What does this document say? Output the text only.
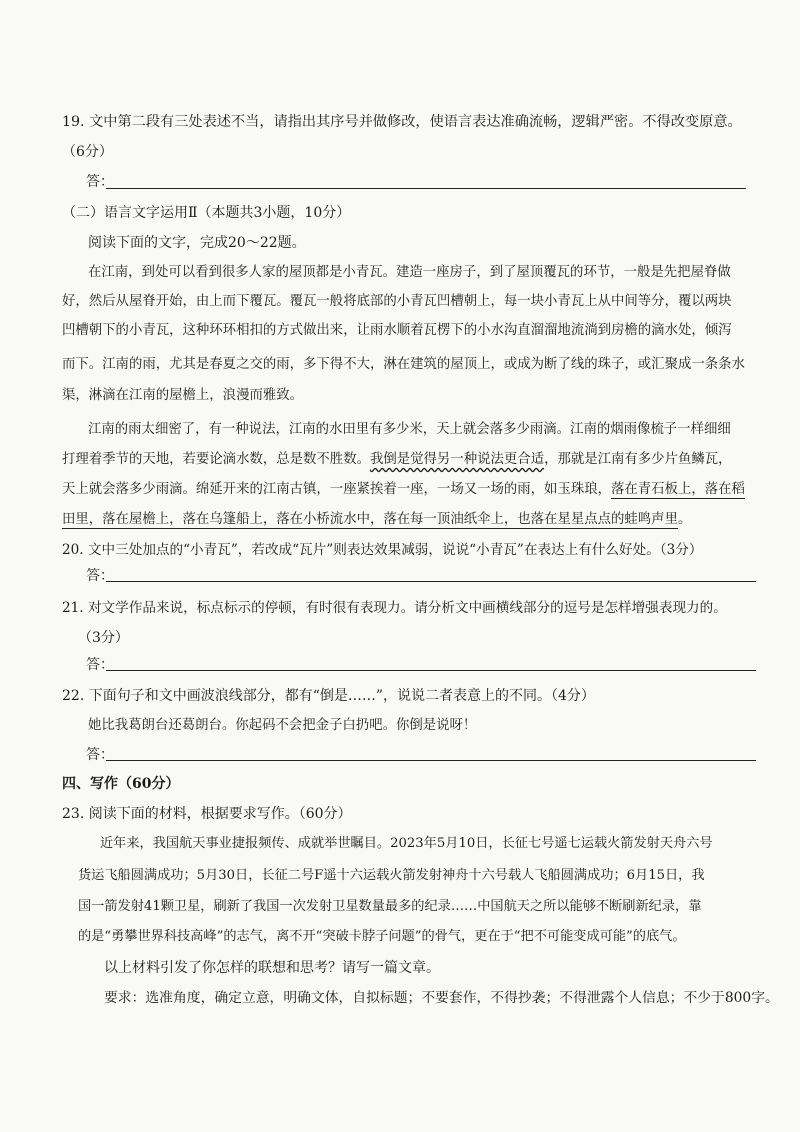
19. 文中第二段有三处表述不当，请指出其序号并做修改，使语言表达准确流畅，逻辑严密。不得改变原意。
（6分）
答：
（二）语言文字运用Ⅱ（本题共3小题，10分）
阅读下面的文字，完成20～22题。
在江南，到处可以看到很多人家的屋顶都是小青瓦。建造一座房子，到了屋顶覆瓦的环节，一般是先把屋脊做
好，然后从屋脊开始，由上而下覆瓦。覆瓦一般将底部的小青瓦凹槽朝上，每一块小青瓦上从中间等分，覆以两块
凹槽朝下的小青瓦，这种环环相扣的方式做出来，让雨水顺着瓦楞下的小水沟直溜溜地流淌到房檐的滴水处，倾泻
而下。江南的雨，尤其是春夏之交的雨，多下得不大，淋在建筑的屋顶上，或成为断了线的珠子，或汇聚成一条条水
渠，淋滴在江南的屋檐上，浪漫而雅致。
江南的雨太细密了，有一种说法，江南的水田里有多少米，天上就会落多少雨滴。江南的烟雨像梳子一样细细
打理着季节的天地，若要论滴水数，总是数不胜数。我倒是觉得另一种说法更合适，那就是江南有多少片鱼鳞瓦，
天上就会落多少雨滴。绵延开来的江南古镇，一座紧挨着一座，一场又一场的雨，如玉珠琅，落在青石板上，落在稻
田里，落在屋檐上，落在乌篷船上，落在小桥流水中，落在每一顶油纸伞上，也落在星星点点的蛙鸣声里。
20. 文中三处加点的“小青瓦”，若改成“瓦片”则表达效果减弱，说说“小青瓦”在表达上有什么好处。（3分）
答：
21. 对文学作品来说，标点标示的停顿，有时很有表现力。请分析文中画横线部分的逗号是怎样增强表现力的。
（3分）
答：
22. 下面句子和文中画波浪线部分，都有“倒是……”，说说二者表意上的不同。（4分）
她比我葛朗台还葛朗台。你起码不会把金子白扔吧。你倒是说呀！
答：
四、写作（60分）
23. 阅读下面的材料，根据要求写作。（60分）
近年来，我国航天事业捷报频传、成就举世瞩目。2023年5月10日，长征七号遥七运载火箭发射天舟六号
货运飞船圆满成功；5月30日，长征二号F遥十六运载火箭发射神舟十六号载人飞船圆满成功；6月15日，我
国一箭发射41颗卫星，刷新了我国一次发射卫星数量最多的纪录……中国航天之所以能够不断刷新纪录，靠
的是“勇攀世界科技高峰”的志气，离不开“突破卡脖子问题”的骨气，更在于“把不可能变成可能”的底气。
以上材料引发了你怎样的联想和思考？请写一篇文章。
要求：选准角度，确定立意，明确文体，自拟标题；不要套作，不得抄袭；不得泄露个人信息；不少于800字。
